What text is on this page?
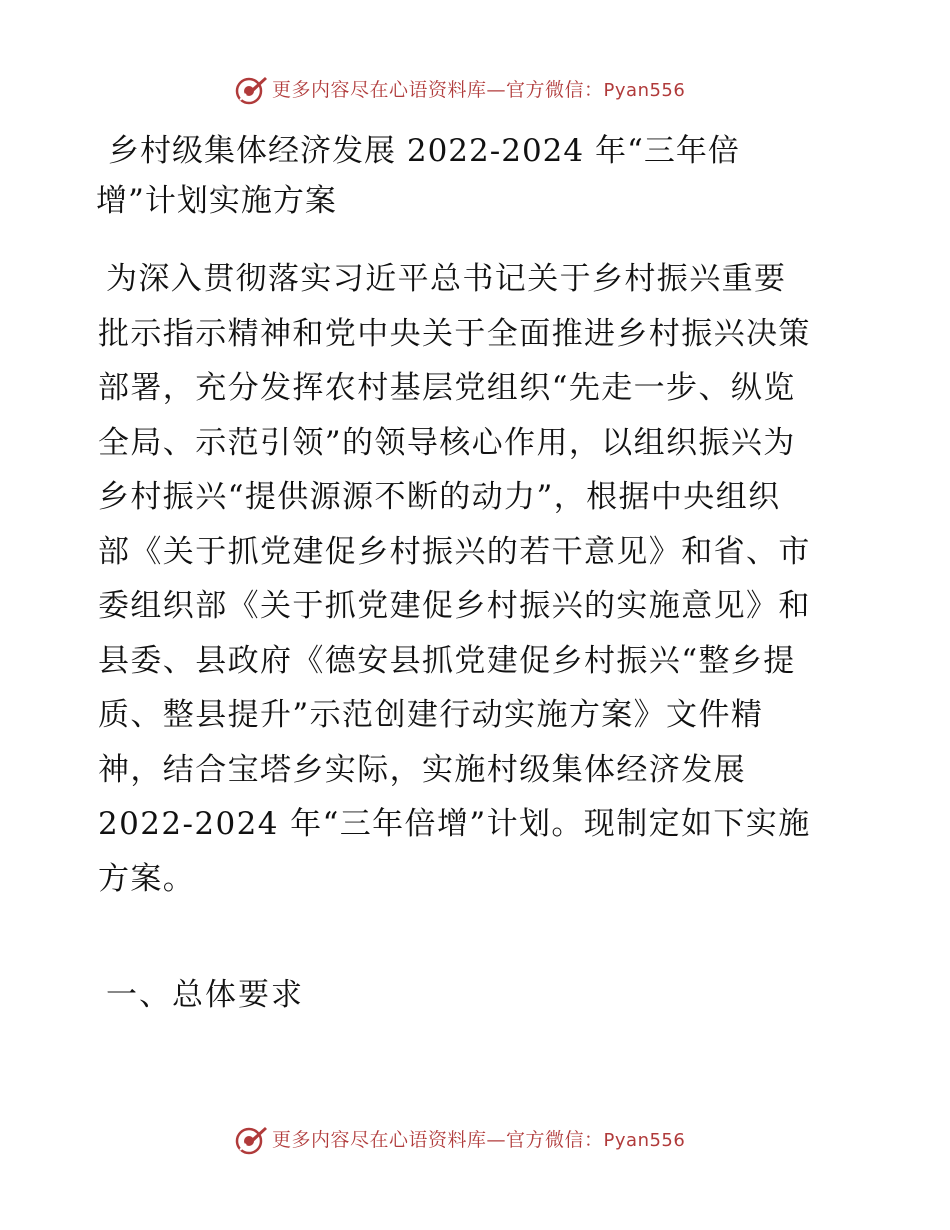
更多内容尽在心语资料库—官方微信：Pyan556
乡村级集体经济发展 2022-2024 年“三年倍
增”计划实施方案
为深入贯彻落实习近平总书记关于乡村振兴重要
批示指示精神和党中央关于全面推进乡村振兴决策
部署，充分发挥农村基层党组织“先走一步、纵览
全局、示范引领”的领导核心作用，以组织振兴为
乡村振兴“提供源源不断的动力”，根据中央组织
部《关于抓党建促乡村振兴的若干意见》和省、市
委组织部《关于抓党建促乡村振兴的实施意见》和
县委、县政府《德安县抓党建促乡村振兴“整乡提
质、整县提升”示范创建行动实施方案》文件精
神，结合宝塔乡实际，实施村级集体经济发展
2022-2024 年“三年倍增”计划。现制定如下实施
方案。
一、总体要求
更多内容尽在心语资料库—官方微信：Pyan556
